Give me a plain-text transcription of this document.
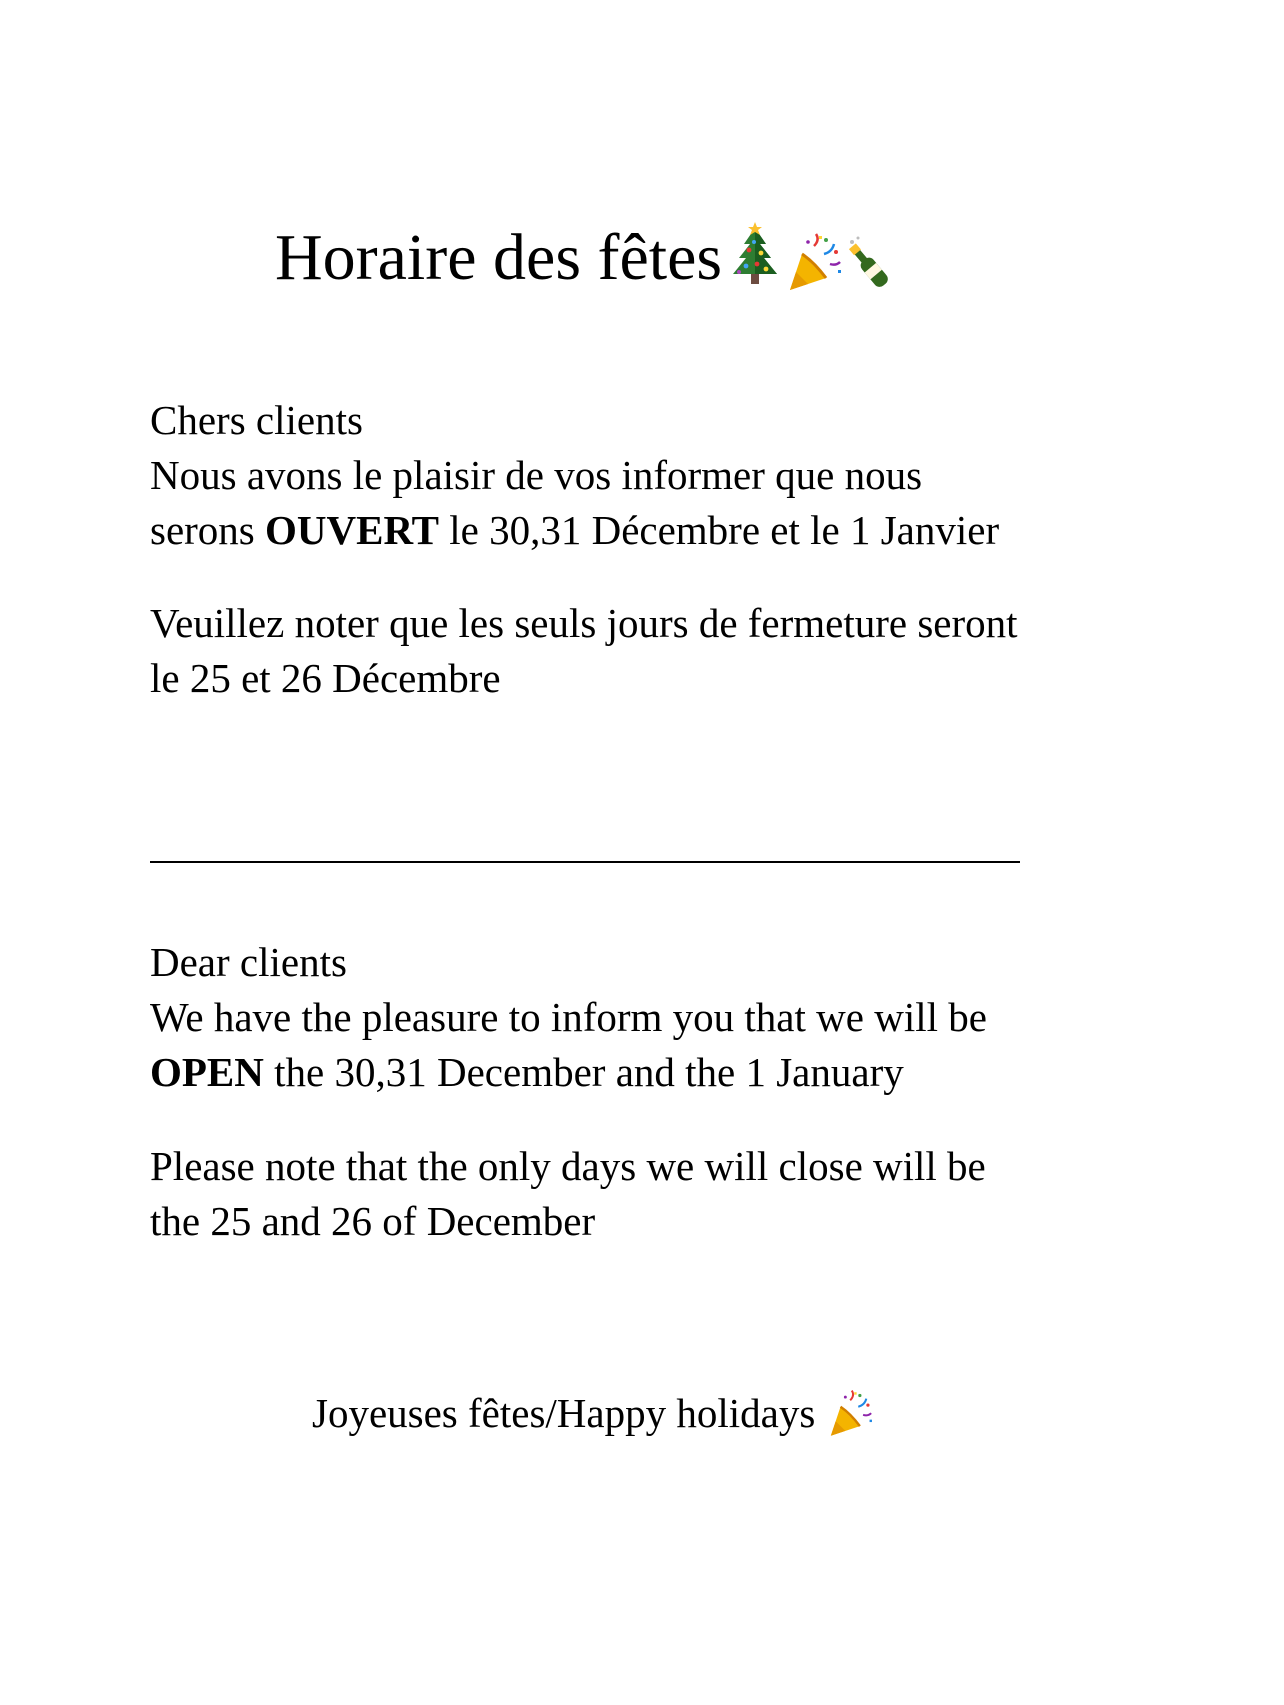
Horaire des fêtes

Chers clients

Nous avons le plaisir de vos informer que nous

serons OUVERT le 30,31 Décembre et le 1 Janvier

Veuillez noter que les seuls jours de fermeture seront

le 25 et 26 Décembre

Dear clients

We have the pleasure to inform you that we will be

OPEN the 30,31 December and the 1 January

Please note that the only days we will close will be

the 25 and 26 of December

Joyeuses fêtes/Happy holidays
